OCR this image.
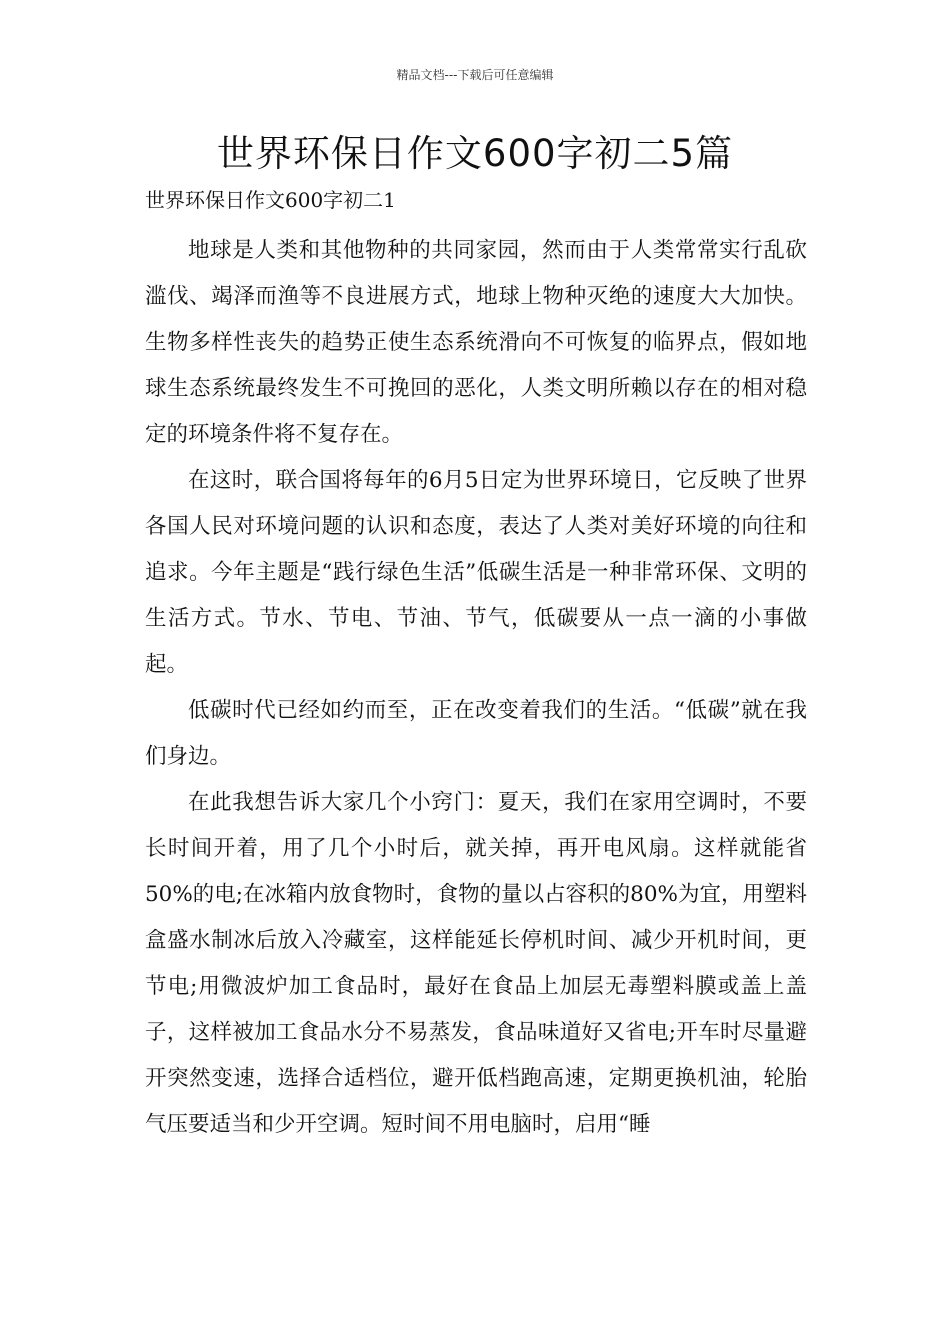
精品文档---下载后可任意编辑
世界环保日作文600字初二5篇
世界环保日作文600字初二1

地球是人类和其他物种的共同家园，然而由于人类常常实行乱砍滥伐、竭泽而渔等不良进展方式，地球上物种灭绝的速度大大加快。生物多样性丧失的趋势正使生态系统滑向不可恢复的临界点，假如地球生态系统最终发生不可挽回的恶化，人类文明所赖以存在的相对稳定的环境条件将不复存在。

在这时，联合国将每年的6月5日定为世界环境日，它反映了世界各国人民对环境问题的认识和态度，表达了人类对美好环境的向往和追求。今年主题是“践行绿色生活”低碳生活是一种非常环保、文明的生活方式。节水、节电、节油、节气，低碳要从一点一滴的小事做起。

低碳时代已经如约而至，正在改变着我们的生活。“低碳”就在我们身边。

在此我想告诉大家几个小窍门：夏天，我们在家用空调时，不要长时间开着，用了几个小时后，就关掉，再开电风扇。这样就能省50%的电;在冰箱内放食物时，食物的量以占容积的80%为宜，用塑料盒盛水制冰后放入冷藏室，这样能延长停机时间、减少开机时间，更节电;用微波炉加工食品时，最好在食品上加层无毒塑料膜或盖上盖子，这样被加工食品水分不易蒸发，食品味道好又省电;开车时尽量避开突然变速，选择合适档位，避开低档跑高速，定期更换机油，轮胎气压要适当和少开空调。短时间不用电脑时，启用“睡
